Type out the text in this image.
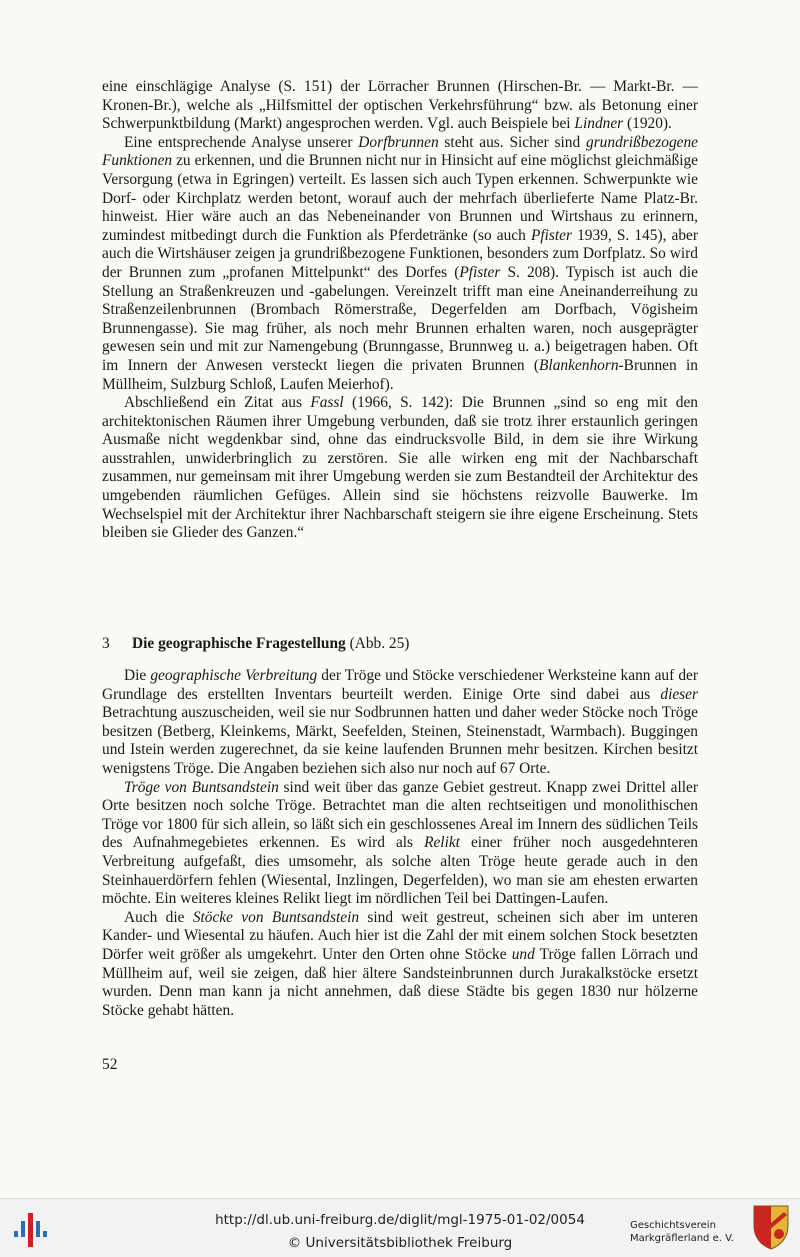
eine einschlägige Analyse (S. 151) der Lörracher Brunnen (Hirschen-Br. — Markt-Br. — Kronen-Br.), welche als „Hilfsmittel der optischen Verkehrsführung“ bzw. als Betonung einer Schwerpunktbildung (Markt) angesprochen werden. Vgl. auch Beispiele bei Lindner (1920).

Eine entsprechende Analyse unserer Dorfbrunnen steht aus. Sicher sind grundrißbezogene Funktionen zu erkennen, und die Brunnen nicht nur in Hinsicht auf eine möglichst gleichmäßige Versorgung (etwa in Egringen) verteilt. Es lassen sich auch Typen erkennen. Schwerpunkte wie Dorf- oder Kirchplatz werden betont, worauf auch der mehrfach überlieferte Name Platz-Br. hinweist. Hier wäre auch an das Nebeneinander von Brunnen und Wirtshaus zu erinnern, zumindest mitbedingt durch die Funktion als Pferdetränke (so auch Pfister 1939, S. 145), aber auch die Wirtshäuser zeigen ja grundrißbezogene Funktionen, besonders zum Dorfplatz. So wird der Brunnen zum „profanen Mittelpunkt“ des Dorfes (Pfister S. 208). Typisch ist auch die Stellung an Straßenkreuzen und -gabelungen. Vereinzelt trifft man eine Aneinanderreihung zu Straßenzeilenbrunnen (Brombach Römerstraße, Degerfelden am Dorfbach, Vögisheim Brunnengasse). Sie mag früher, als noch mehr Brunnen erhalten waren, noch ausgeprägter gewesen sein und mit zur Namengebung (Brunngasse, Brunnweg u. a.) beigetragen haben. Oft im Innern der Anwesen versteckt liegen die privaten Brunnen (Blankenhorn-Brunnen in Müllheim, Sulzburg Schloß, Laufen Meierhof).

Abschließend ein Zitat aus Fassl (1966, S. 142): Die Brunnen „sind so eng mit den architektonischen Räumen ihrer Umgebung verbunden, daß sie trotz ihrer erstaunlich geringen Ausmaße nicht wegdenkbar sind, ohne das eindrucksvolle Bild, in dem sie ihre Wirkung ausstrahlen, unwiderbringlich zu zerstören. Sie alle wirken eng mit der Nachbarschaft zusammen, nur gemeinsam mit ihrer Umgebung werden sie zum Bestandteil der Architektur des umgebenden räumlichen Gefüges. Allein sind sie höchstens reizvolle Bauwerke. Im Wechselspiel mit der Architektur ihrer Nachbarschaft steigern sie ihre eigene Erscheinung. Stets bleiben sie Glieder des Ganzen.“

3 Die geographische Fragestellung (Abb. 25)

Die geographische Verbreitung der Tröge und Stöcke verschiedener Werksteine kann auf der Grundlage des erstellten Inventars beurteilt werden. Einige Orte sind dabei aus dieser Betrachtung auszuscheiden, weil sie nur Sodbrunnen hatten und daher weder Stöcke noch Tröge besitzen (Betberg, Kleinkems, Märkt, Seefelden, Steinen, Steinenstadt, Warmbach). Buggingen und Istein werden zugerechnet, da sie keine laufenden Brunnen mehr besitzen. Kirchen besitzt wenigstens Tröge. Die Angaben beziehen sich also nur noch auf 67 Orte.

Tröge von Buntsandstein sind weit über das ganze Gebiet gestreut. Knapp zwei Drittel aller Orte besitzen noch solche Tröge. Betrachtet man die alten rechtseitigen und monolithischen Tröge vor 1800 für sich allein, so läßt sich ein geschlossenes Areal im Innern des südlichen Teils des Aufnahmegebietes erkennen. Es wird als Relikt einer früher noch ausgedehnteren Verbreitung aufgefaßt, dies umsomehr, als solche alten Tröge heute gerade auch in den Steinhauerdörfern fehlen (Wiesental, Inzlingen, Degerfelden), wo man sie am ehesten erwarten möchte. Ein weiteres kleines Relikt liegt im nördlichen Teil bei Dattingen-Laufen.

Auch die Stöcke von Buntsandstein sind weit gestreut, scheinen sich aber im unteren Kander- und Wiesental zu häufen. Auch hier ist die Zahl der mit einem solchen Stock besetzten Dörfer weit größer als umgekehrt. Unter den Orten ohne Stöcke und Tröge fallen Lörrach und Müllheim auf, weil sie zeigen, daß hier ältere Sandsteinbrunnen durch Jurakalkstöcke ersetzt wurden. Denn man kann ja nicht annehmen, daß diese Städte bis gegen 1830 nur hölzerne Stöcke gehabt hätten.

52
http://dl.ub.uni-freiburg.de/diglit/mgl-1975-01-02/0054
© Universitätsbibliothek Freiburg
Geschichtsverein
Markgräflerland e. V.
